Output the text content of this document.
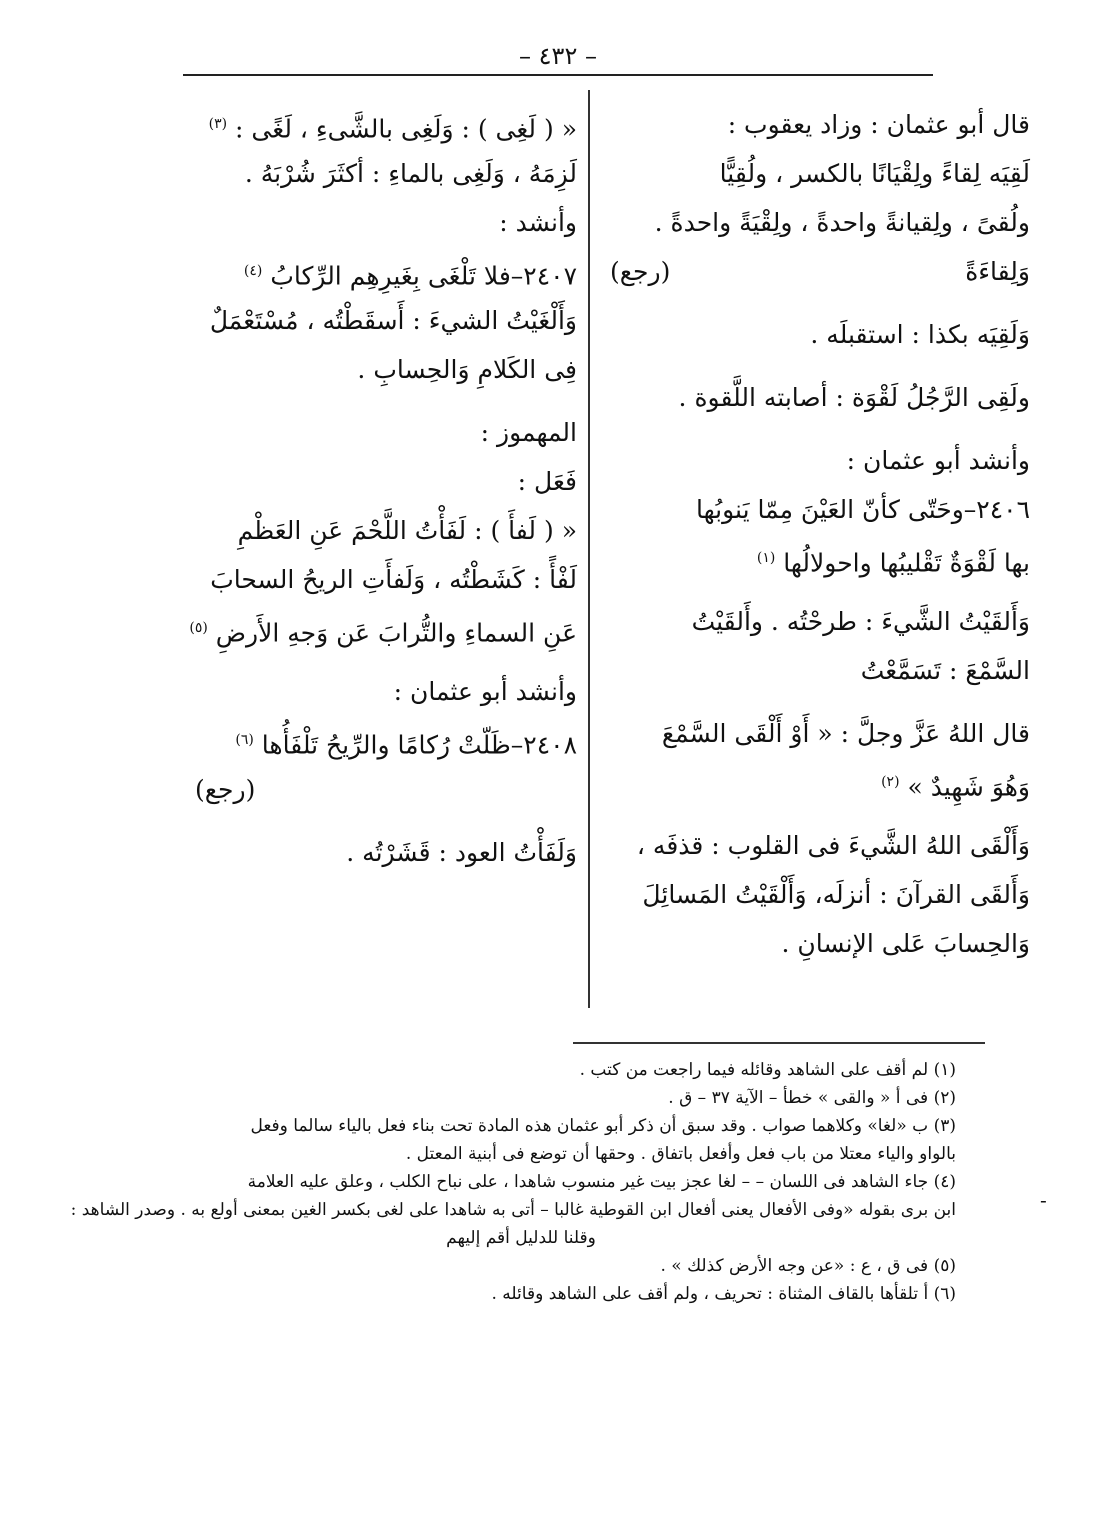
– ٤٣٢ –
قال أبو عثمان : وزاد يعقوب :
لَقِيَه لِقاءً ولِقْيَانًا بالكسر ، ولُقِيًّا
ولُقىً ، ولِقيانةً واحدةً ، ولِقْيَةً واحدةً .
وَلِقاءَةً
(رجع)
وَلَقِيَه بكذا : استقبلَه .
ولَقِى الرَّجُلُ لَقْوَة : أصابته اللَّقوة .
وأنشد أبو عثمان :
٢٤٠٦–وحَتّى كأنّ العَيْنَ مِمّا يَنوبُها
بها لَقْوَةٌ تَقْليبُها واحولالُها $^{(١)}$
وَأَلقَيْتُ الشَّيءَ : طرحْتُه . وأَلقَيْتُ
السَّمْعَ : تَسَمَّعْتُ
قال اللهُ عَزَّ وجلَّ : « أَوْ أَلْقَى السَّمْعَ
وَهُوَ شَهِيدٌ » $^{(٢)}$
وَأَلْقَى اللهُ الشَّيءَ فى القلوب : قذفَه ،
وَأَلقَى القرآنَ : أنزلَه، وَأَلْقَيْتُ المَسائِلَ
وَالحِسابَ عَلى الإنسانِ .
« ( لَغِى ) : وَلَغِى بالشَّىءِ ، لَغًى : $^{(٣)}$
لَزِمَهُ ، وَلَغِى بالماءِ : أكثَرَ شُرْبَهُ .
وأنشد :
٢٤٠٧–فلا تَلْغَى بِغَيرِهِم الرِّكابُ $^{(٤)}$
وَأَلْغَيْتُ الشيءَ : أَسقَطْتُه ، مُسْتَعْمَلٌ
فِى الكَلامِ وَالحِسابِ .
المهموز :
فَعَل :
« ( لَفأَ ) : لَفَأْتُ اللَّحْمَ عَنِ العَظْمِ
لَفْأً : كَشَطْتُه ، وَلَفأَتِ الريحُ السحابَ
عَنِ السماءِ والتُّرابَ عَن وَجهِ الأَرضِ $^{(٥)}$
وأنشد أبو عثمان :
٢٤٠٨–ظَلّتْ رُكامًا والرِّيحُ تَلْفَأُها $^{(٦)}$
(رجع)
وَلَفَأْتُ العود : قَشَرْتُه .
-
(١) لم أقف على الشاهد وقائله فيما راجعت من كتب .
(٢) فى أ « والقى » خطأ – الآية ٣٧ – ق .
(٣) ب «لغا» وكلاهما صواب . وقد سبق أن ذكر أبو عثمان هذه المادة تحت بناء فعل بالياء سالما وفعل
بالواو والياء معتلا من باب فعل وأفعل باتفاق . وحقها أن توضع فى أبنية المعتل .
(٤) جاء الشاهد فى اللسان – – لغا عجز بيت غير منسوب شاهدا ، على نباح الكلب ، وعلق عليه العلامة
ابن برى بقوله «وفى الأفعال يعنى أفعال ابن القوطية غالبا – أتى به شاهدا على لغى بكسر الغين بمعنى أولع به . وصدر الشاهد :
وقلنا للدليل أقم إليهم
(٥) فى ق ، ع : «عن وجه الأرض كذلك » .
(٦) أ تلقأها بالقاف المثناة : تحريف ، ولم أقف على الشاهد وقائله .
